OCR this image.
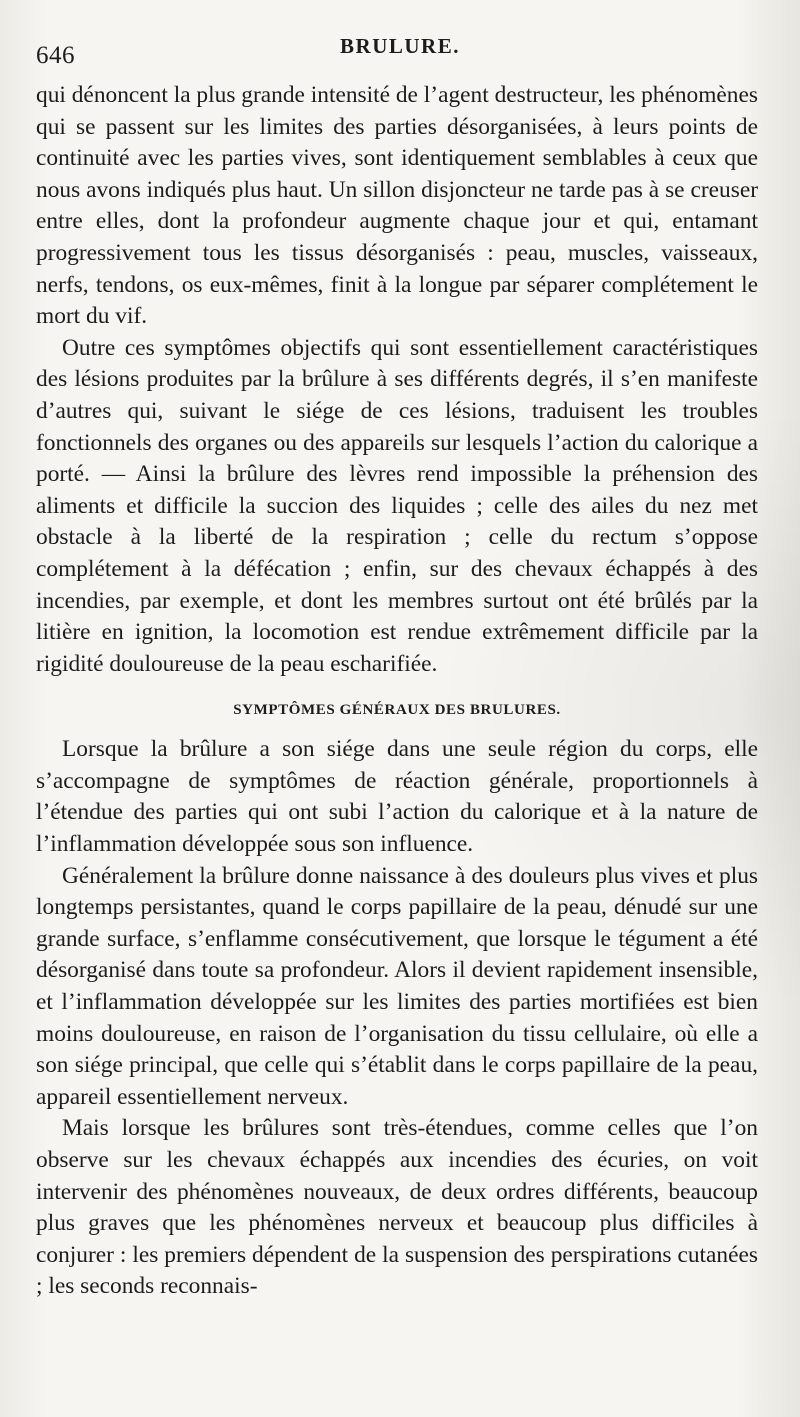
646	BRULURE.

qui dénoncent la plus grande intensité de l’agent destructeur, les phénomènes qui se passent sur les limites des parties désorganisées, à leurs points de continuité avec les parties vives, sont identiquement semblables à ceux que nous avons indiqués plus haut. Un sillon disjoncteur ne tarde pas à se creuser entre elles, dont la profondeur augmente chaque jour et qui, entamant progressivement tous les tissus désorganisés : peau, muscles, vaisseaux, nerfs, tendons, os eux-mêmes, finit à la longue par séparer complétement le mort du vif.

Outre ces symptômes objectifs qui sont essentiellement caractéristiques des lésions produites par la brûlure à ses différents degrés, il s’en manifeste d’autres qui, suivant le siége de ces lésions, traduisent les troubles fonctionnels des organes ou des appareils sur lesquels l’action du calorique a porté. — Ainsi la brûlure des lèvres rend impossible la préhension des aliments et difficile la succion des liquides ; celle des ailes du nez met obstacle à la liberté de la respiration ; celle du rectum s’oppose complétement à la défécation ; enfin, sur des chevaux échappés à des incendies, par exemple, et dont les membres surtout ont été brûlés par la litière en ignition, la locomotion est rendue extrêmement difficile par la rigidité douloureuse de la peau escharifiée.

SYMPTÔMES GÉNÉRAUX DES BRULURES.

Lorsque la brûlure a son siége dans une seule région du corps, elle s’accompagne de symptômes de réaction générale, proportionnels à l’étendue des parties qui ont subi l’action du calorique et à la nature de l’inflammation développée sous son influence.

Généralement la brûlure donne naissance à des douleurs plus vives et plus longtemps persistantes, quand le corps papillaire de la peau, dénudé sur une grande surface, s’enflamme consécutivement, que lorsque le tégument a été désorganisé dans toute sa profondeur. Alors il devient rapidement insensible, et l’inflammation développée sur les limites des parties mortifiées est bien moins douloureuse, en raison de l’organisation du tissu cellulaire, où elle a son siége principal, que celle qui s’établit dans le corps papillaire de la peau, appareil essentiellement nerveux.

Mais lorsque les brûlures sont très-étendues, comme celles que l’on observe sur les chevaux échappés aux incendies des écuries, on voit intervenir des phénomènes nouveaux, de deux ordres différents, beaucoup plus graves que les phénomènes nerveux et beaucoup plus difficiles à conjurer : les premiers dépendent de la suspension des perspirations cutanées ; les seconds reconnais-
